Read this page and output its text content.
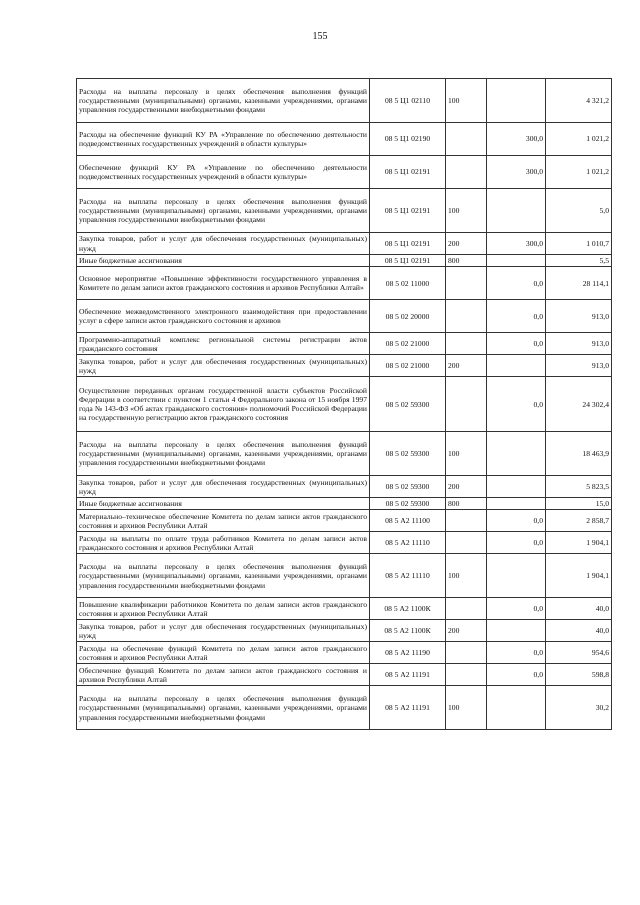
155
Расходы на выплаты персоналу в целях обеспечения выполнения функций государственными (муниципальными) органами, казенными учреждениями, органами управления государственными внебюджетными фондами	08 5 Ц1 02110	100		4 321,2
Расходы на обеспечение функций КУ РА «Управление по обеспечению деятельности подведомственных государственных учреждений в области культуры»	08 5 Ц1 02190		300,0	1 021,2
Обеспечение функций КУ РА «Управление по обеспечению деятельности подведомственных государственных учреждений в области культуры»	08 5 Ц1 02191		300,0	1 021,2
Расходы на выплаты персоналу в целях обеспечения выполнения функций государственными (муниципальными) органами, казенными учреждениями, органами управления государственными внебюджетными фондами	08 5 Ц1 02191	100		5,0
Закупка товаров, работ и услуг для обеспечения государственных (муниципальных) нужд	08 5 Ц1 02191	200	300,0	1 010,7
Иные бюджетные ассигнования	08 5 Ц1 02191	800		5,5
Основное мероприятие «Повышение эффективности государственного управления в Комитете по делам записи актов гражданского состояния и архивов Республики Алтай»	08 5 02 11000		0,0	28 114,1
Обеспечение межведомственного электронного взаимодействия при предоставлении услуг в сфере записи актов гражданского состояния и архивов	08 5 02 20000		0,0	913,0
Программно-аппаратный комплекс региональной системы регистрации актов гражданского состояния	08 5 02 21000		0,0	913,0
Закупка товаров, работ и услуг для обеспечения государственных (муниципальных) нужд	08 5 02 21000	200		913,0
Осуществление переданных органам государственной власти субъектов Российской Федерации в соответствии с пунктом 1 статьи 4 Федерального закона от 15 ноября 1997 года № 143-ФЗ «Об актах гражданского состояния» полномочий Российской Федерации на государственную регистрацию актов гражданского состояния	08 5 02 59300		0,0	24 302,4
Расходы на выплаты персоналу в целях обеспечения выполнения функций государственными (муниципальными) органами, казенными учреждениями, органами управления государственными внебюджетными фондами	08 5 02 59300	100		18 463,9
Закупка товаров, работ и услуг для обеспечения государственных (муниципальных) нужд	08 5 02 59300	200		5 823,5
Иные бюджетные ассигнования	08 5 02 59300	800		15,0
Материально–техническое обеспечение Комитета по делам записи актов гражданского состояния и архивов Республики Алтай	08 5 А2 11100		0,0	2 858,7
Расходы на выплаты по оплате труда работников Комитета по делам записи актов гражданского состояния и архивов Республики Алтай	08 5 А2 11110		0,0	1 904,1
Расходы на выплаты персоналу в целях обеспечения выполнения функций государственными (муниципальными) органами, казенными учреждениями, органами управления государственными внебюджетными фондами	08 5 А2 11110	100		1 904,1
Повышение квалификации работников Комитета по делам записи актов гражданского состояния и архивов Республики Алтай	08 5 А2 1100К		0,0	40,0
Закупка товаров, работ и услуг для обеспечения государственных (муниципальных) нужд	08 5 А2 1100К	200		40,0
Расходы на обеспечение функций Комитета по делам записи актов гражданского состояния и архивов Республики Алтай	08 5 А2 11190		0,0	954,6
Обеспечение функций Комитета по делам записи актов гражданского состояния и архивов Республики Алтай	08 5 А2 11191		0,0	598,8
Расходы на выплаты персоналу в целях обеспечения выполнения функций государственными (муниципальными) органами, казенными учреждениями, органами управления государственными внебюджетными фондами	08 5 А2 11191	100		30,2
